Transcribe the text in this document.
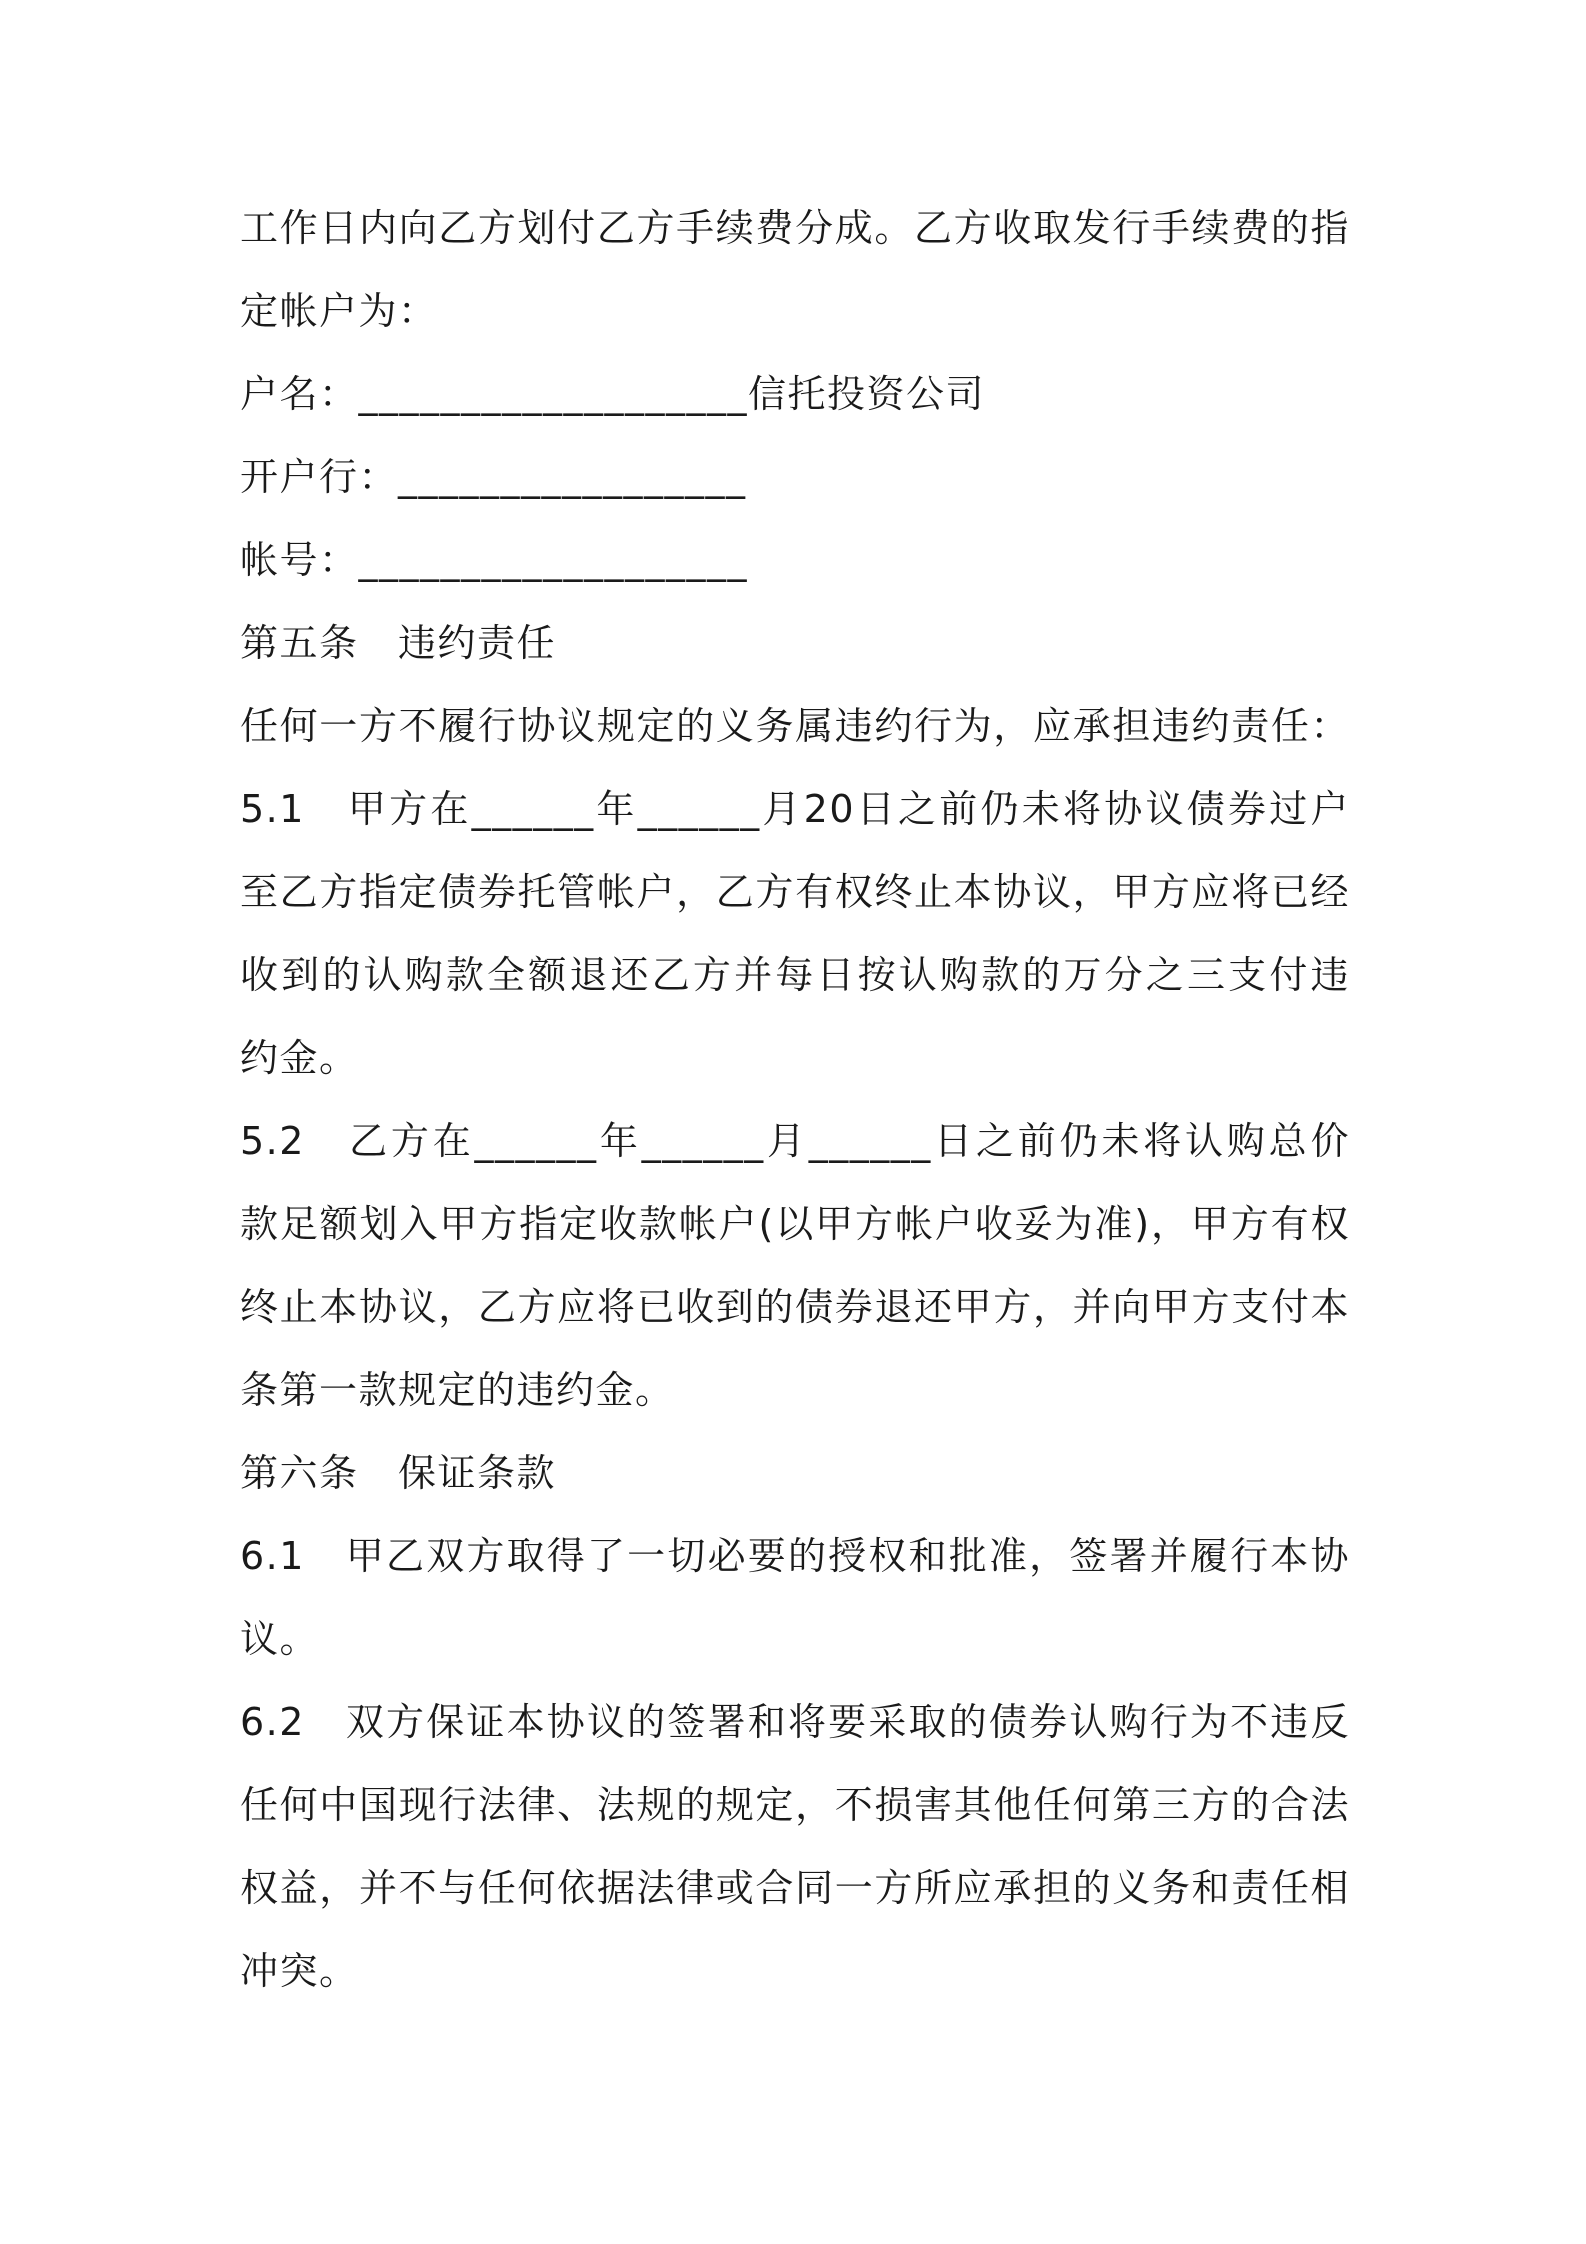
工作日内向乙方划付乙方手续费分成。乙方收取发行手续费的指
定帐户为：
户名：___________________信托投资公司
开户行：_________________
帐号：___________________
第五条　违约责任
任何一方不履行协议规定的义务属违约行为，应承担违约责任：
5.1　甲方在______年______月20日之前仍未将协议债券过户
至乙方指定债券托管帐户，乙方有权终止本协议，甲方应将已经
收到的认购款全额退还乙方并每日按认购款的万分之三支付违
约金。
5.2　乙方在______年______月______日之前仍未将认购总价
款足额划入甲方指定收款帐户(以甲方帐户收妥为准)，甲方有权
终止本协议，乙方应将已收到的债券退还甲方，并向甲方支付本
条第一款规定的违约金。
第六条　保证条款
6.1　甲乙双方取得了一切必要的授权和批准，签署并履行本协
议。
6.2　双方保证本协议的签署和将要采取的债券认购行为不违反
任何中国现行法律、法规的规定，不损害其他任何第三方的合法
权益，并不与任何依据法律或合同一方所应承担的义务和责任相
冲突。
